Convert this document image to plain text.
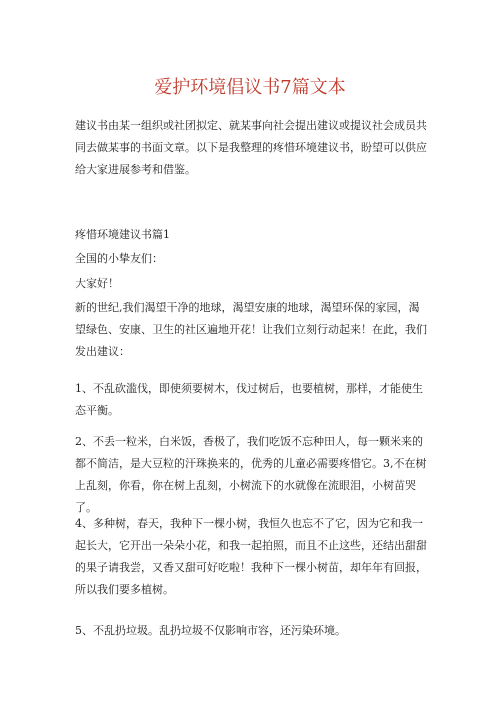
爱护环境倡议书7篇文本

建议书由某一组织或社团拟定、就某事向社会提出建议或提议社会成员共同去做某事的书面文章。以下是我整理的疼惜环境建议书，盼望可以供应给大家进展参考和借鉴。

疼惜环境建议书篇1

全国的小挚友们：

大家好！

新的世纪,我们渴望干净的地球，渴望安康的地球，渴望环保的家园，渴望绿色、安康、卫生的社区遍地开花！让我们立刻行动起来！在此，我们发出建议：

1、不乱砍滥伐，即使须要树木，伐过树后，也要植树，那样，才能使生态平衡。

2、不丢一粒米，白米饭，香极了，我们吃饭不忘种田人，每一颗米来的都不简洁，是大豆粒的汗珠换来的，优秀的儿童必需要疼惜它。3,不在树上乱刻，你看，你在树上乱刻，小树流下的水就像在流眼泪，小树苗哭了。

4、多种树，春天，我种下一棵小树，我恒久也忘不了它，因为它和我一起长大，它开出一朵朵小花，和我一起拍照，而且不止这些，还结出甜甜的果子请我尝，又香又甜可好吃啦！我种下一棵小树苗，却年年有回报，所以我们要多植树。

5、不乱扔垃圾。乱扔垃圾不仅影响市容，还污染环境。
